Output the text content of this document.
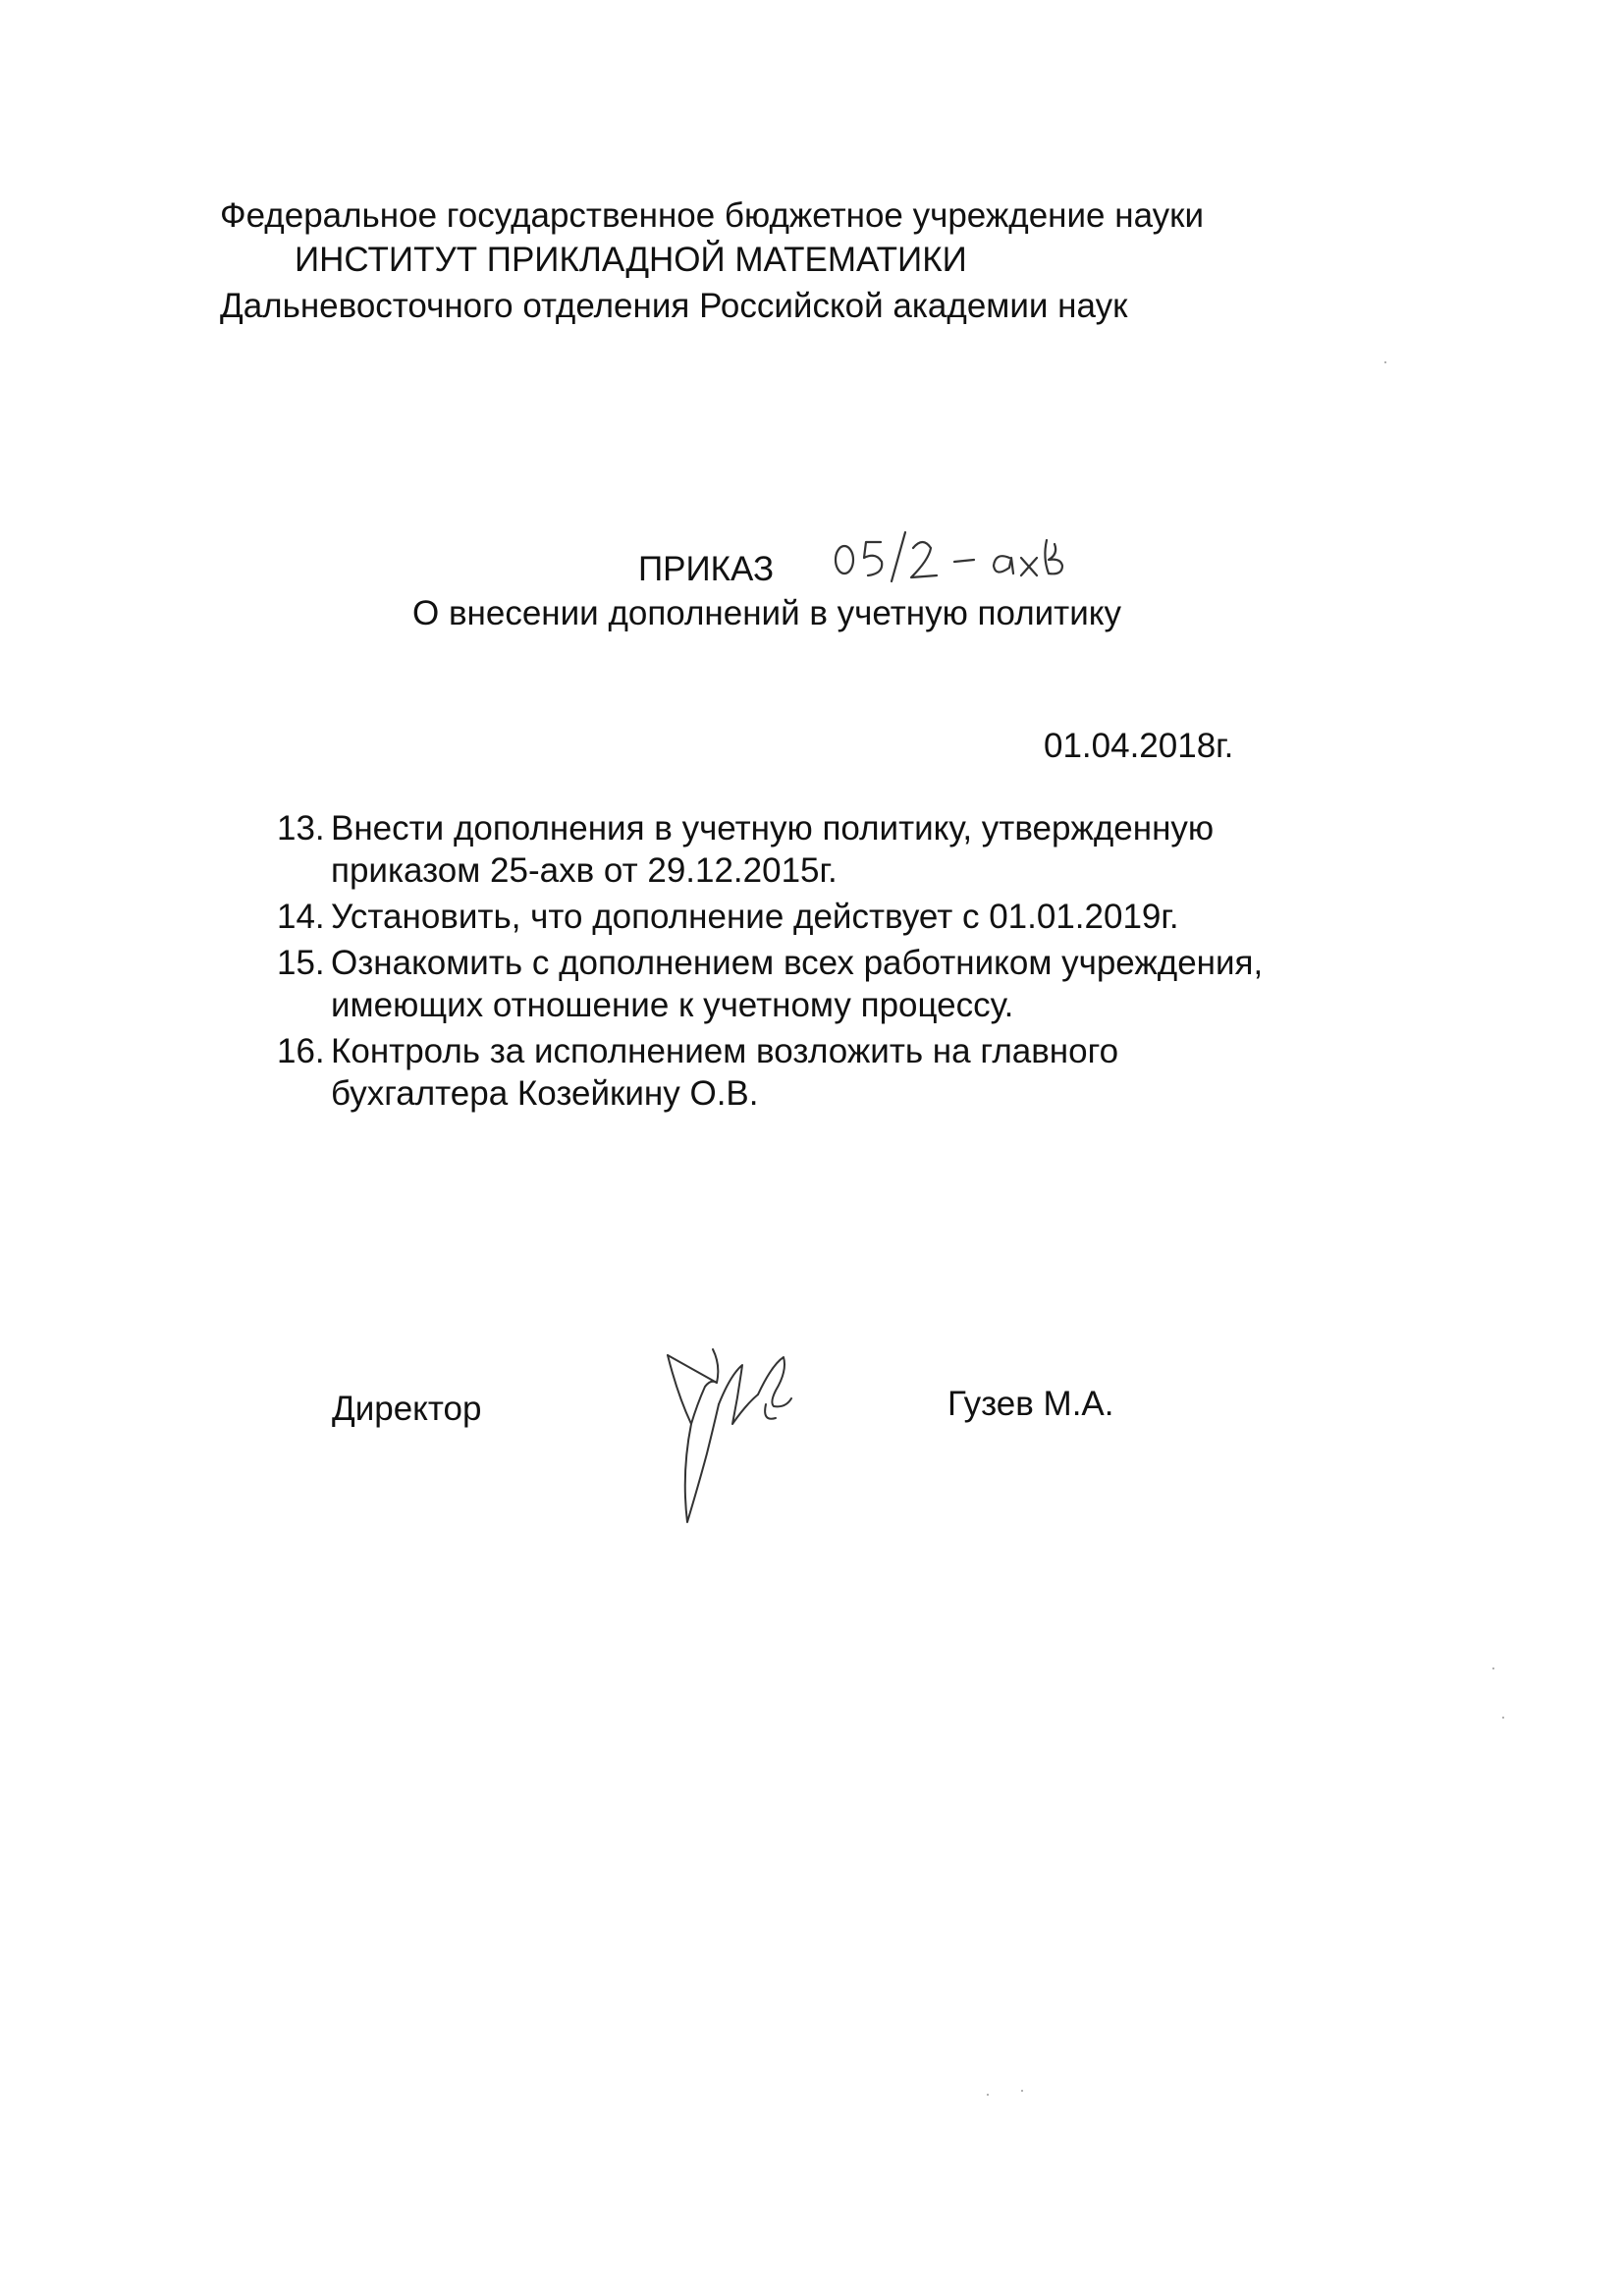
Федеральное государственное бюджетное учреждение науки
ИНСТИТУТ ПРИКЛАДНОЙ МАТЕМАТИКИ
Дальневосточного отделения Российской академии наук
ПРИКАЗ
О внесении дополнений в учетную политику
01.04.2018г.
13. Внести дополнения в учетную политику, утвержденную
приказом 25-ахв от 29.12.2015г.
14. Установить, что дополнение действует с 01.01.2019г.
15. Ознакомить с дополнением всех работником учреждения,
имеющих отношение к учетному процессу.
16. Контроль за исполнением возложить на главного
бухгалтера Козейкину О.В.
Директор	Гузев М.А.
